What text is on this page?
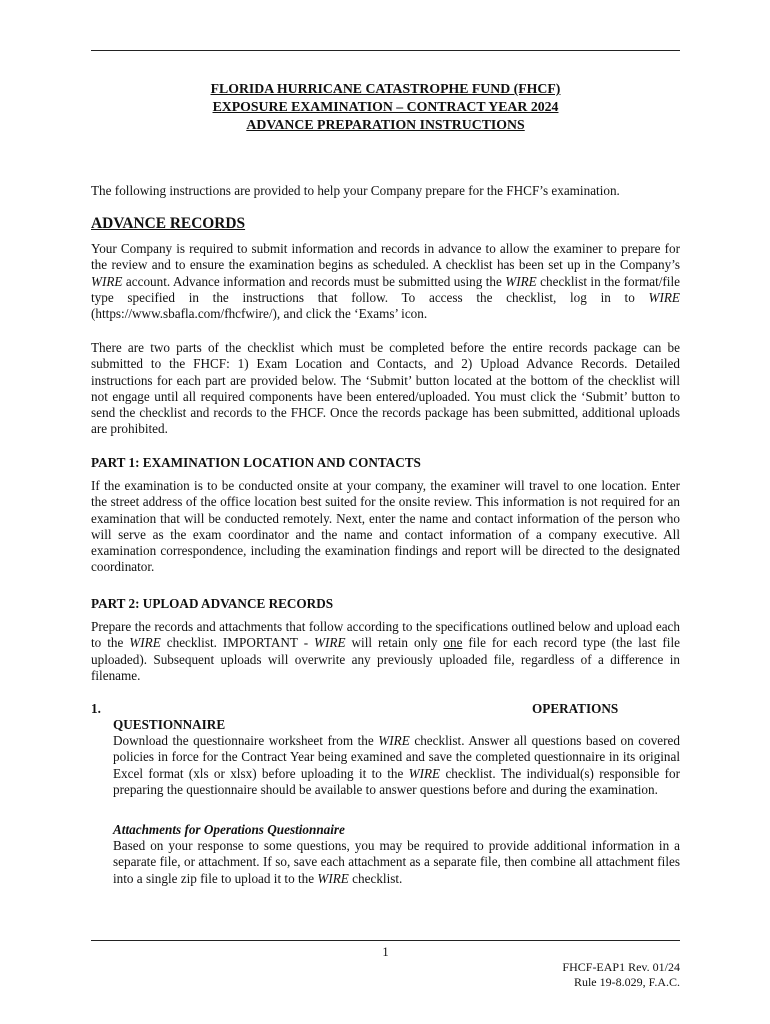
FLORIDA HURRICANE CATASTROPHE FUND (FHCF)
EXPOSURE EXAMINATION – CONTRACT YEAR 2024
ADVANCE PREPARATION INSTRUCTIONS

The following instructions are provided to help your Company prepare for the FHCF’s examination.

ADVANCE RECORDS

Your Company is required to submit information and records in advance to allow the examiner to prepare for the review and to ensure the examination begins as scheduled. A checklist has been set up in the Company’s WIRE account. Advance information and records must be submitted using the WIRE checklist in the format/file type specified in the instructions that follow. To access the checklist, log in to WIRE (https://www.sbafla.com/fhcfwire/), and click the ‘Exams’ icon.

There are two parts of the checklist which must be completed before the entire records package can be submitted to the FHCF: 1) Exam Location and Contacts, and 2) Upload Advance Records. Detailed instructions for each part are provided below. The ‘Submit’ button located at the bottom of the checklist will not engage until all required components have been entered/uploaded. You must click the ‘Submit’ button to send the checklist and records to the FHCF. Once the records package has been submitted, additional uploads are prohibited.

PART 1: EXAMINATION LOCATION AND CONTACTS

If the examination is to be conducted onsite at your company, the examiner will travel to one location. Enter the street address of the office location best suited for the onsite review. This information is not required for an examination that will be conducted remotely. Next, enter the name and contact information of the person who will serve as the exam coordinator and the name and contact information of a company executive. All examination correspondence, including the examination findings and report will be directed to the designated coordinator.

PART 2: UPLOAD ADVANCE RECORDS

Prepare the records and attachments that follow according to the specifications outlined below and upload each to the WIRE checklist. IMPORTANT - WIRE will retain only one file for each record type (the last file uploaded). Subsequent uploads will overwrite any previously uploaded file, regardless of a difference in filename.

1.	OPERATIONS
QUESTIONNAIRE

Download the questionnaire worksheet from the WIRE checklist. Answer all questions based on covered policies in force for the Contract Year being examined and save the completed questionnaire in its original Excel format (xls or xlsx) before uploading it to the WIRE checklist. The individual(s) responsible for preparing the questionnaire should be available to answer questions before and during the examination.

Attachments for Operations Questionnaire

Based on your response to some questions, you may be required to provide additional information in a separate file, or attachment. If so, save each attachment as a separate file, then combine all attachment files into a single zip file to upload it to the WIRE checklist.

1
FHCF-EAP1 Rev. 01/24
Rule 19-8.029, F.A.C.
